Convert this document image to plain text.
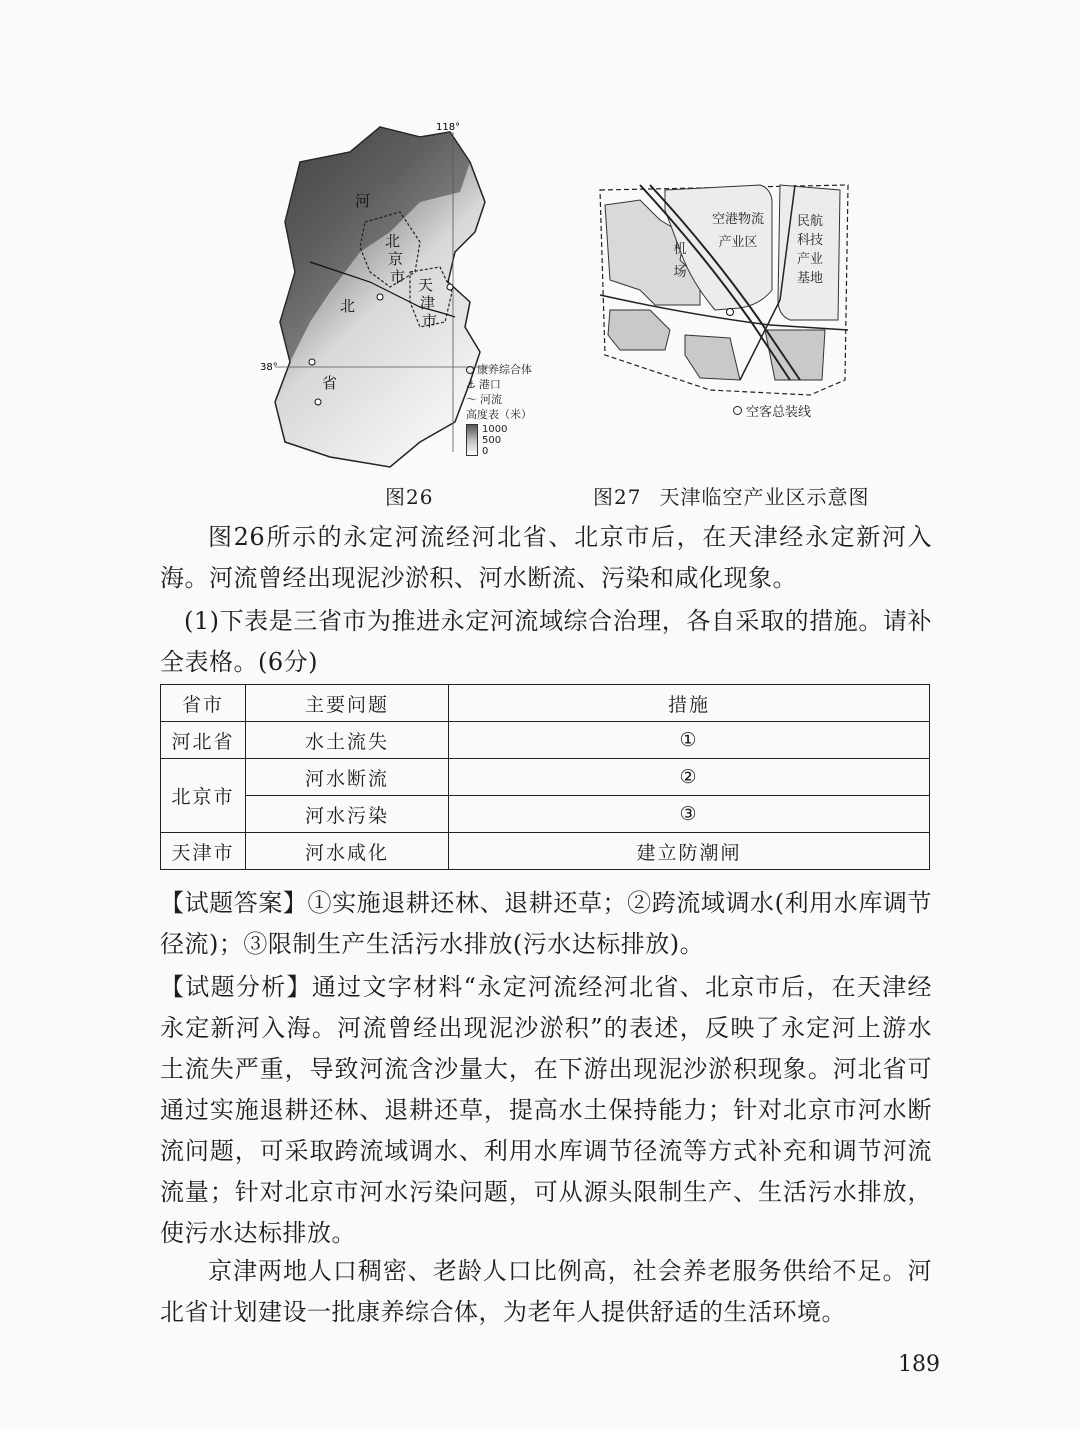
118°
38°
河
北
京
市 天
津
市
北
省
康养综合体
⚓ 港口
〜 河流
高度表（米）
1000
500
0
机
场
空港物流
产业区
民航
科技
产业
基地
空客总装线
图26	图27 天津临空产业区示意图
图26所示的永定河流经河北省、北京市后，在天津经永定新河入海。河流曾经出现泥沙淤积、河水断流、污染和咸化现象。
(1)下表是三省市为推进永定河流域综合治理，各自采取的措施。请补全表格。(6分)
省市	主要问题	措施
河北省	水土流失	①
北京市	河水断流	②
	河水污染	③
天津市	河水咸化	建立防潮闸
【试题答案】①实施退耕还林、退耕还草；②跨流域调水(利用水库调节径流)；③限制生产生活污水排放(污水达标排放)。
【试题分析】通过文字材料“永定河流经河北省、北京市后，在天津经永定新河入海。河流曾经出现泥沙淤积”的表述，反映了永定河上游水土流失严重，导致河流含沙量大，在下游出现泥沙淤积现象。河北省可通过实施退耕还林、退耕还草，提高水土保持能力；针对北京市河水断流问题，可采取跨流域调水、利用水库调节径流等方式补充和调节河流流量；针对北京市河水污染问题，可从源头限制生产、生活污水排放，使污水达标排放。
京津两地人口稠密、老龄人口比例高，社会养老服务供给不足。河北省计划建设一批康养综合体，为老年人提供舒适的生活环境。
189
